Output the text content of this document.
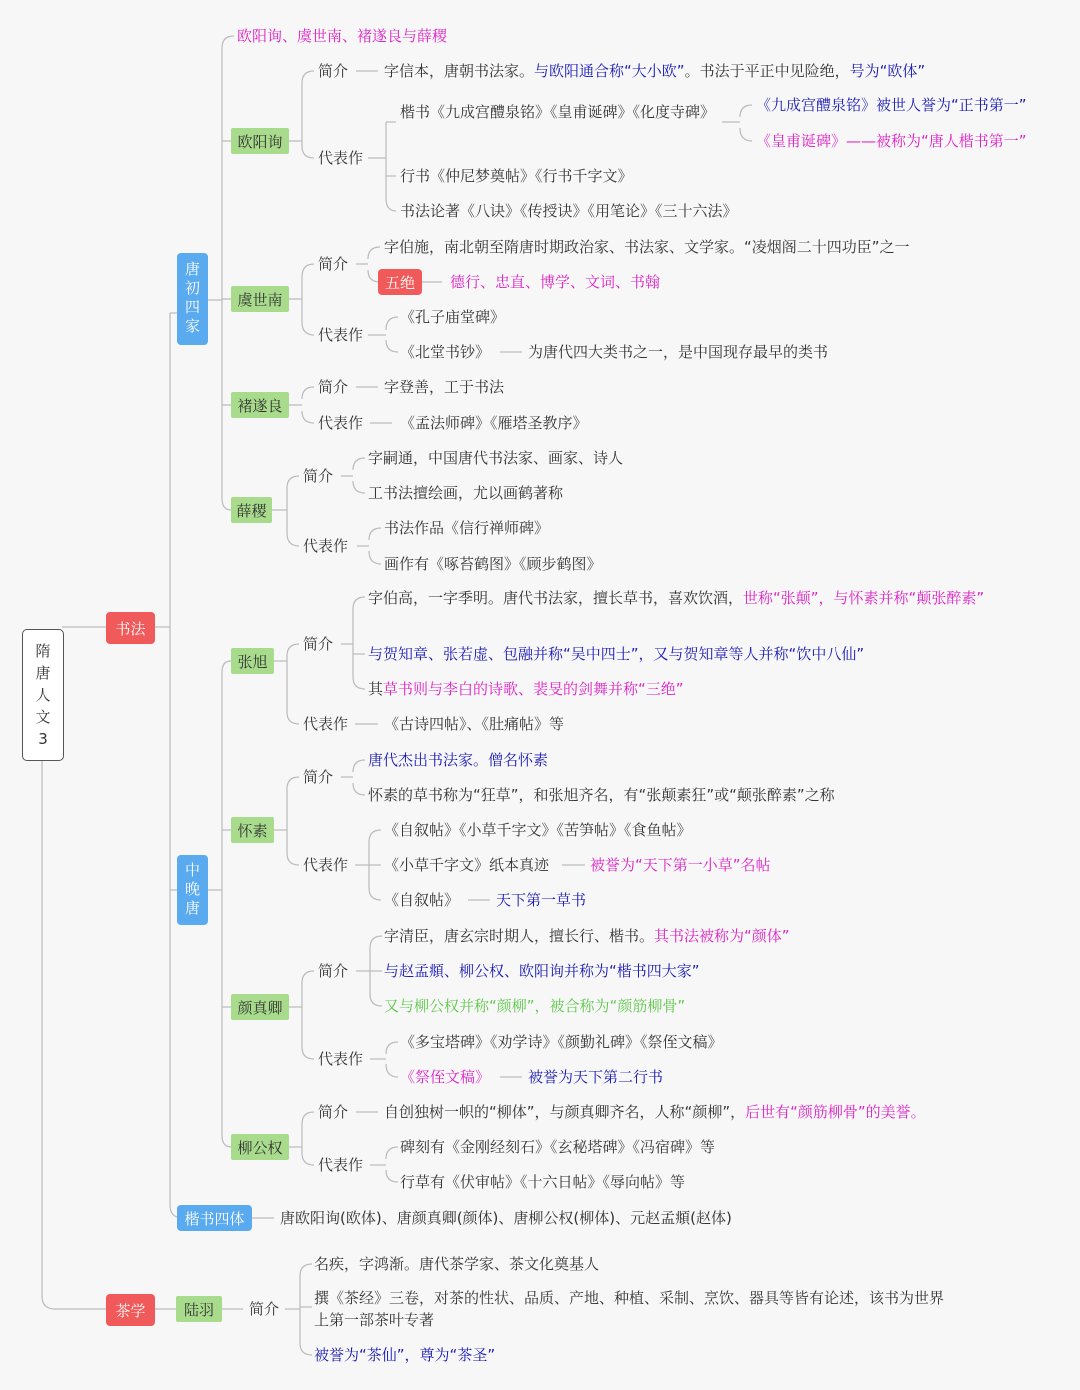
隋唐人文3
书法
唐初四家
欧阳询、虞世南、褚遂良与薛稷
欧阳询
简介 字信本，唐朝书法家。与欧阳通合称“大小欧”。书法于平正中见险绝，号为“欧体”
代表作
楷书《九成宫醴泉铭》《皇甫诞碑》《化度寺碑》	《九成宫醴泉铭》被世人誉为“正书第一”
《皇甫诞碑》——被称为“唐人楷书第一”
行书《仲尼梦奠帖》《行书千字文》
书法论著《八诀》《传授诀》《用笔论》《三十六法》
虞世南
简介
字伯施，南北朝至隋唐时期政治家、书法家、文学家。“凌烟阁二十四功臣”之一
五绝 德行、忠直、博学、文词、书翰
代表作
《孔子庙堂碑》
《北堂书钞》	为唐代四大类书之一，是中国现存最早的类书
褚遂良
简介 字登善，工于书法
代表作 《孟法师碑》《雁塔圣教序》
薛稷
简介
字嗣通，中国唐代书法家、画家、诗人
工书法擅绘画，尤以画鹤著称
代表作
书法作品《信行禅师碑》
画作有《啄苔鹤图》《顾步鹤图》
中晚唐
张旭
简介
字伯高，一字季明。唐代书法家，擅长草书，喜欢饮酒，世称“张颠”，与怀素并称“颠张醉素”
与贺知章、张若虚、包融并称“吴中四士”，又与贺知章等人并称“饮中八仙”
其草书则与李白的诗歌、裴旻的剑舞并称“三绝”
代表作 《古诗四帖》、《肚痛帖》等
怀素
简介
唐代杰出书法家。僧名怀素
怀素的草书称为“狂草”，和张旭齐名，有“张颠素狂”或“颠张醉素”之称
代表作
《自叙帖》《小草千字文》《苦笋帖》《食鱼帖》
《小草千字文》纸本真迹	被誉为“天下第一小草”名帖
《自叙帖》 天下第一草书
颜真卿
简介
字清臣，唐玄宗时期人，擅长行、楷书。其书法被称为“颜体”
与赵孟頫、柳公权、欧阳询并称为“楷书四大家”
又与柳公权并称“颜柳”，被合称为“颜筋柳骨”
代表作
《多宝塔碑》《劝学诗》《颜勤礼碑》《祭侄文稿》
《祭侄文稿》	被誉为天下第二行书
柳公权
简介 自创独树一帜的“柳体”，与颜真卿齐名，人称“颜柳”，后世有“颜筋柳骨”的美誉。
代表作
碑刻有《金刚经刻石》《玄秘塔碑》《冯宿碑》等
行草有《伏审帖》《十六日帖》《辱向帖》等
楷书四体 唐欧阳询(欧体)、唐颜真卿(颜体)、唐柳公权(柳体)、元赵孟頫(赵体)
茶学	陆羽 简介
名疾，字鸿渐。唐代茶学家、茶文化奠基人
撰《茶经》三卷，对茶的性状、品质、产地、种植、采制、烹饮、器具等皆有论述，该书为世界上第一部茶叶专著
被誉为“茶仙”，尊为“茶圣”
